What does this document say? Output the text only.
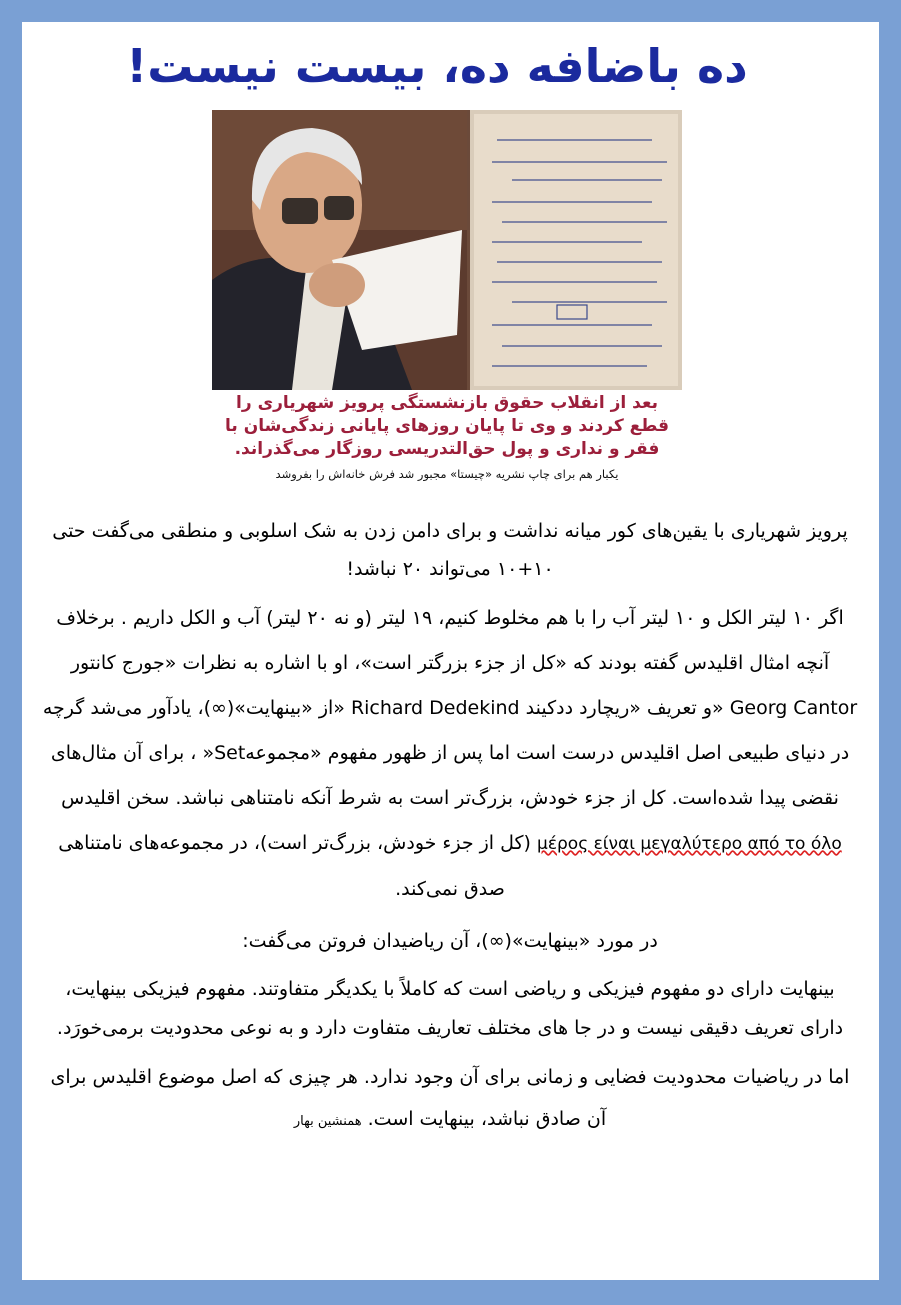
ده باضافه ده، بیست نیست!

بعد از انقلاب حقوق بازنشستگی پرویز شهریاری را
قطع کردند و وی تا پایان روزهای پایانی زندگی‌شان با
فقر و نداری و پول حق‌التدریسی روزگار می‌گذراند.

یکبار هم برای چاپ نشریه «چیستا» مجبور شد فرش خانه‌اش را بفروشد

پرویز شهریاری با یقین‌های کور میانه نداشت و برای دامن زدن به شک اسلوبی و منطقی می‌گفت حتی ۱۰+۱۰ می‌تواند ۲۰ نباشد!

اگر ۱۰ لیتر الکل و ۱۰ لیتر آب را با هم مخلوط کنیم، ۱۹ لیتر (و نه ۲۰ لیتر) آب و الکل داریم . برخلاف آنچه امثال اقلیدس گفته بودند که «کل از جزء بزرگتر است»، او با اشاره به نظرات «جورج کانتور Georg Cantor «و تعریف «ریچارد ددکیند Richard Dedekind «از «بینهایت»(∞)، یادآور می‌شد گرچه در دنیای طبیعی اصل اقلیدس درست است اما پس از ظهور مفهوم «مجموعهSet« ، برای آن مثال‌های نقضی پیدا شده‌است. کل از جزء خودش، بزرگ‌تر است به شرط آنکه نامتناهی نباشد. سخن اقلیدس μέρος είναι μεγαλύτερο από το όλο (کل از جزء خودش، بزرگ‌تر است)، در مجموعه‌های نامتناهی صدق نمی‌کند.

در مورد «بینهایت»(∞)، آن ریاضیدان فروتن می‌گفت:

بینهایت دارای دو مفهوم فیزیکی و ریاضی است که کاملاً با یکدیگر متفاوتند. مفهوم فیزیکی بینهایت، دارای تعریف دقیقی نیست و در جا های مختلف تعاریف متفاوت دارد و به نوعی محدودیت برمی‌خورَد.

اما در ریاضیات محدودیت فضایی و زمانی برای آن وجود ندارد. هر چیزی که اصل موضوع اقلیدس برای آن صادق نباشد، بینهایت است. همنشین بهار
